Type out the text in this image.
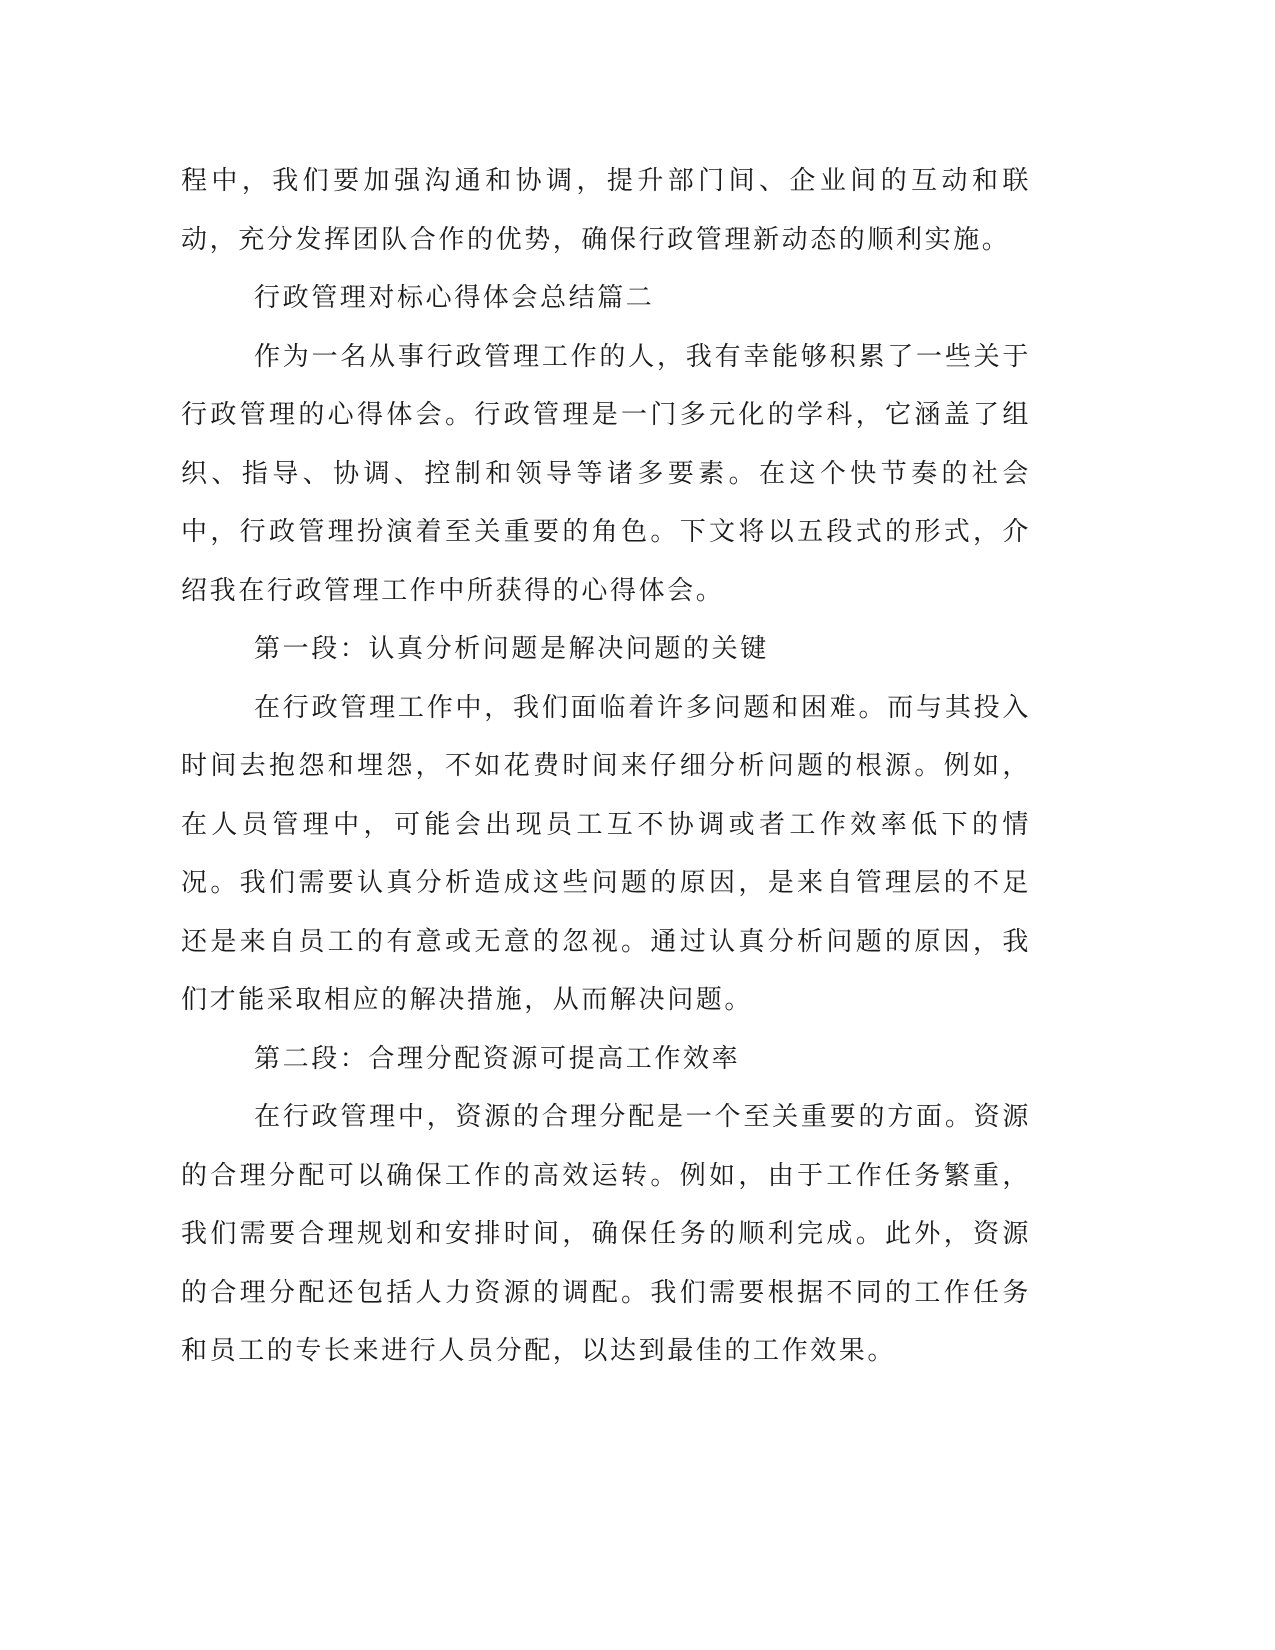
程中，我们要加强沟通和协调，提升部门间、企业间的互动和联动，充分发挥团队合作的优势，确保行政管理新动态的顺利实施。

行政管理对标心得体会总结篇二

作为一名从事行政管理工作的人，我有幸能够积累了一些关于行政管理的心得体会。行政管理是一门多元化的学科，它涵盖了组织、指导、协调、控制和领导等诸多要素。在这个快节奏的社会中，行政管理扮演着至关重要的角色。下文将以五段式的形式，介绍我在行政管理工作中所获得的心得体会。

第一段：认真分析问题是解决问题的关键

在行政管理工作中，我们面临着许多问题和困难。而与其投入时间去抱怨和埋怨，不如花费时间来仔细分析问题的根源。例如，在人员管理中，可能会出现员工互不协调或者工作效率低下的情况。我们需要认真分析造成这些问题的原因，是来自管理层的不足还是来自员工的有意或无意的忽视。通过认真分析问题的原因，我们才能采取相应的解决措施，从而解决问题。

第二段：合理分配资源可提高工作效率

在行政管理中，资源的合理分配是一个至关重要的方面。资源的合理分配可以确保工作的高效运转。例如，由于工作任务繁重，我们需要合理规划和安排时间，确保任务的顺利完成。此外，资源的合理分配还包括人力资源的调配。我们需要根据不同的工作任务和员工的专长来进行人员分配，以达到最佳的工作效果。
